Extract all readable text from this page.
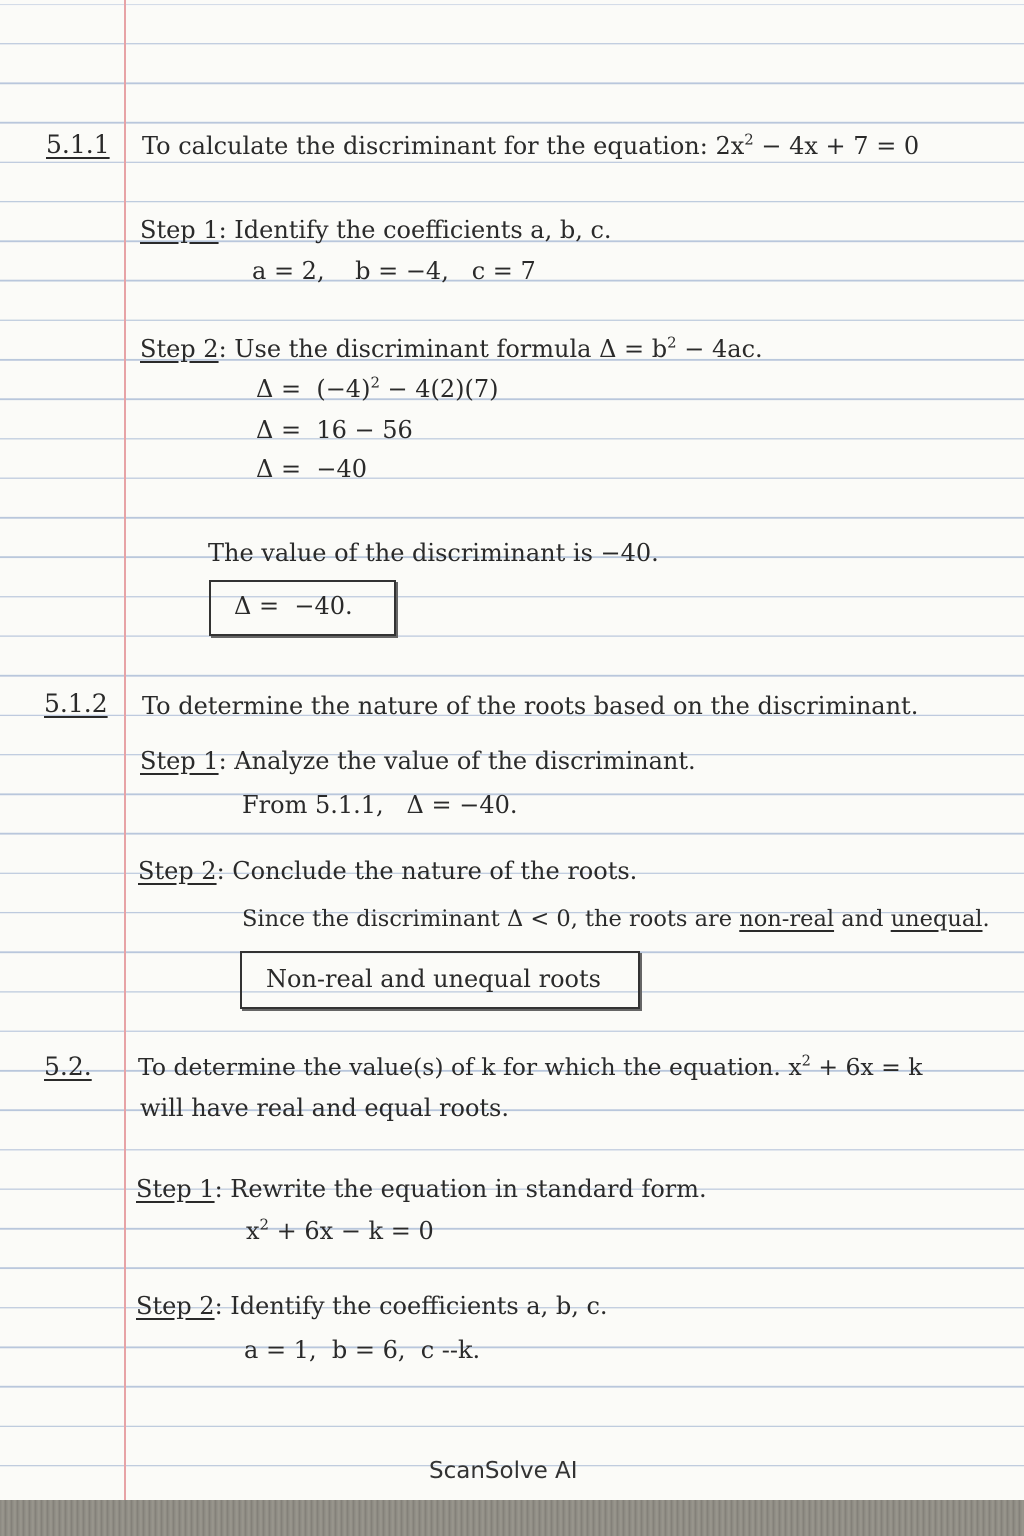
5.1.1 To calculate the discriminant for the equation: $2x^2 - 4x + 7 = 0$
Step 1: Identify the coefficients a, b, c.
a = 2,    b = −4,   c = 7
Step 2: Use the discriminant formula $\Delta = b^2 - 4ac$.
$\Delta = (-4)^2 - 4(2)(7)$
Δ =  16 − 56
Δ =  −40
The value of the discriminant is −40.
Δ =  −40.
5.1.2 To determine the nature of the roots based on the discriminant.
Step 1: Analyze the value of the discriminant.
From 5.1.1,   Δ = −40.
Step 2: Conclude the nature of the roots.
Since the discriminant Δ < 0, the roots are non-real and unequal.
Non-real and unequal roots
5.2. To determine the value(s) of k for which the equation. $x^2 + 6x = k$
will have real and equal roots.
Step 1: Rewrite the equation in standard form.
$x^2 + 6x - k = 0$
Step 2: Identify the coefficients a, b, c.
a = 1,  b = 6,  c --k.
ScanSolve AI
